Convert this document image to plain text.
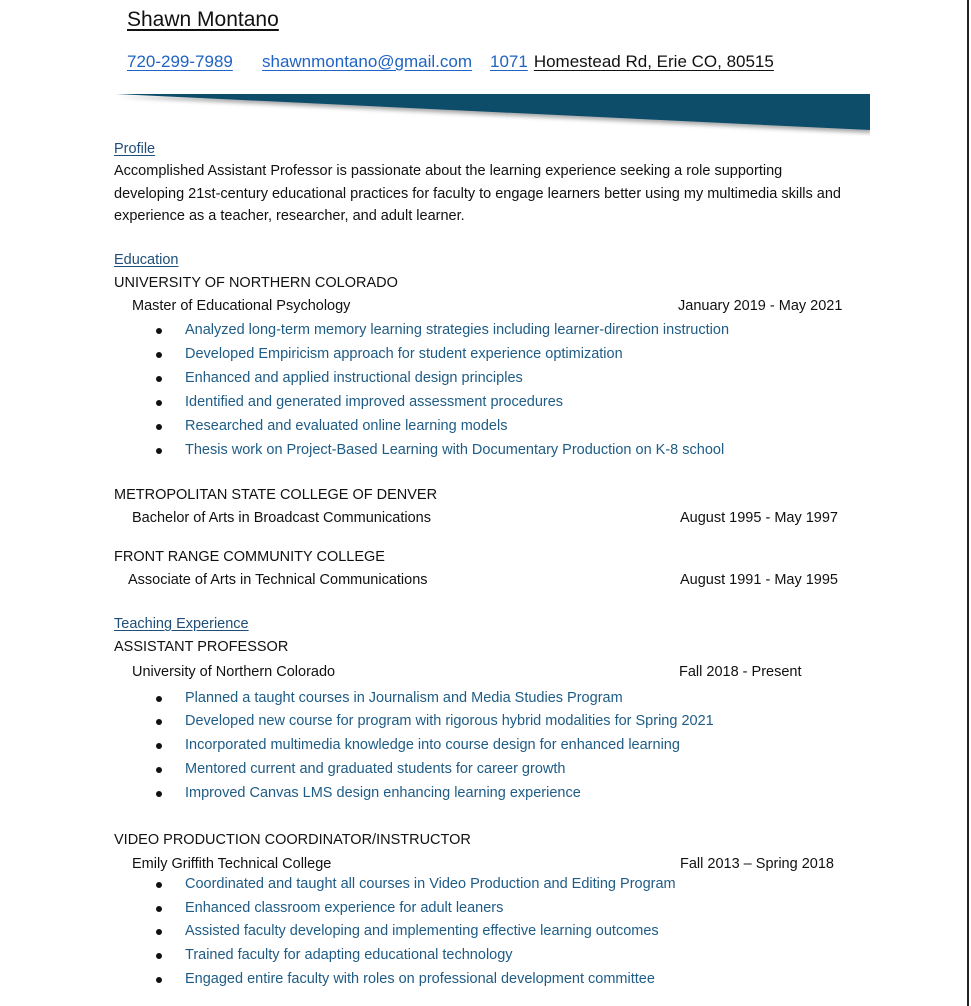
Shawn Montano
720-299-7989 shawnmontano@gmail.com 1071 Homestead Rd, Erie CO, 80515
Profile
Accomplished Assistant Professor is passionate about the learning experience seeking a role supporting developing 21st-century educational practices for faculty to engage learners better using my multimedia skills and experience as a teacher, researcher, and adult learner.
Education
UNIVERSITY OF NORTHERN COLORADO
Master of Educational Psychology	January 2019 - May 2021
Analyzed long-term memory learning strategies including learner-direction instruction
Developed Empiricism approach for student experience optimization
Enhanced and applied instructional design principles
Identified and generated improved assessment procedures
Researched and evaluated online learning models
Thesis work on Project-Based Learning with Documentary Production on K-8 school
METROPOLITAN STATE COLLEGE OF DENVER
Bachelor of Arts in Broadcast Communications	August 1995 - May 1997
FRONT RANGE COMMUNITY COLLEGE
Associate of Arts in Technical Communications	August 1991 - May 1995
Teaching Experience
ASSISTANT PROFESSOR
University of Northern Colorado	Fall 2018 - Present
Planned a taught courses in Journalism and Media Studies Program
Developed new course for program with rigorous hybrid modalities for Spring 2021
Incorporated multimedia knowledge into course design for enhanced learning
Mentored current and graduated students for career growth
Improved Canvas LMS design enhancing learning experience
VIDEO PRODUCTION COORDINATOR/INSTRUCTOR
Emily Griffith Technical College	Fall 2013 – Spring 2018
Coordinated and taught all courses in Video Production and Editing Program
Enhanced classroom experience for adult leaners
Assisted faculty developing and implementing effective learning outcomes
Trained faculty for adapting educational technology
Engaged entire faculty with roles on professional development committee
